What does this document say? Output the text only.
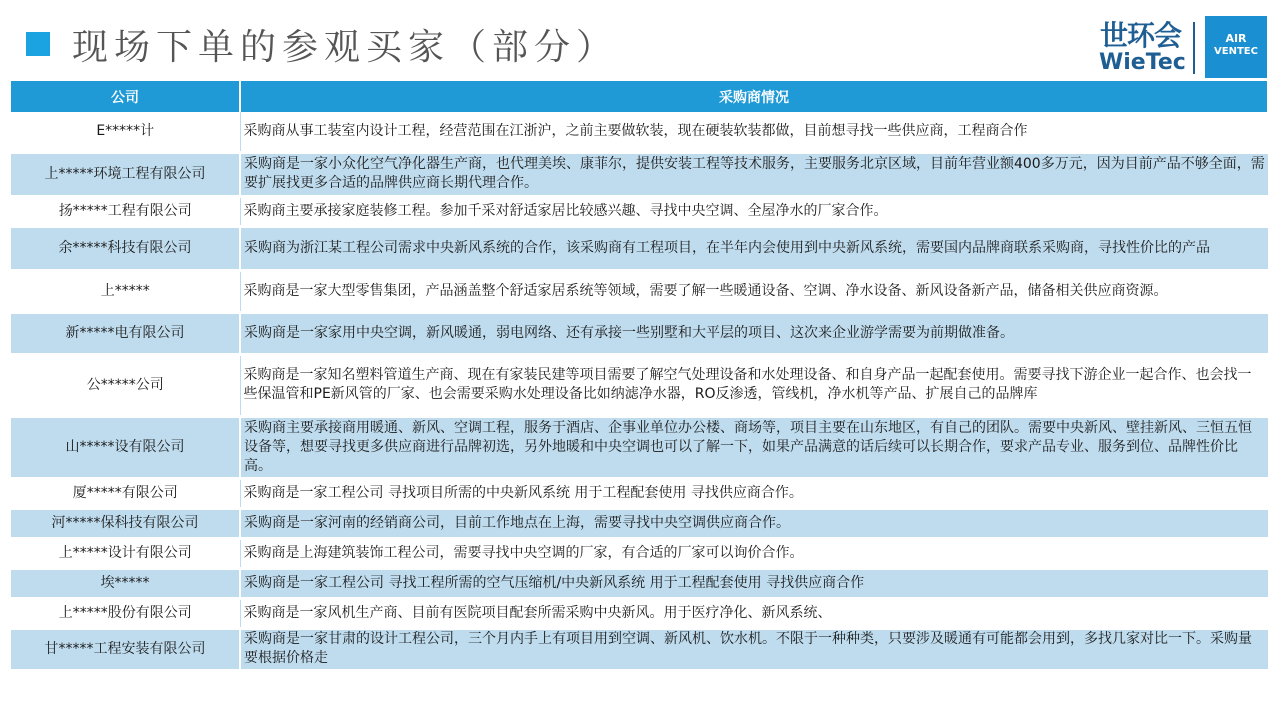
现场下单的参观买家（部分）	世环会
WieTec
AIR
VENTEC
公司	采购商情况
E*****计	采购商从事工装室内设计工程，经营范围在江浙沪，之前主要做软装，现在硬装软装都做，目前想寻找一些供应商，工程商合作
上*****环境工程有限公司	采购商是一家小众化空气净化器生产商，也代理美埃、康菲尔，提供安装工程等技术服务，主要服务北京区域，目前年营业额400多万元，因为目前产品不够全面，需要扩展找更多合适的品牌供应商长期代理合作。
扬*****工程有限公司	采购商主要承接家庭装修工程。参加千采对舒适家居比较感兴趣、寻找中央空调、全屋净水的厂家合作。
余*****科技有限公司	采购商为浙江某工程公司需求中央新风系统的合作，该采购商有工程项目，在半年内会使用到中央新风系统，需要国内品牌商联系采购商，寻找性价比的产品
上*****	采购商是一家大型零售集团，产品涵盖整个舒适家居系统等领域，需要了解一些暖通设备、空调、净水设备、新风设备新产品，储备相关供应商资源。
新*****电有限公司	采购商是一家家用中央空调，新风暖通，弱电网络、还有承接一些别墅和大平层的项目、这次来企业游学需要为前期做准备。
公*****公司	采购商是一家知名塑料管道生产商、现在有家装民建等项目需要了解空气处理设备和水处理设备、和自身产品一起配套使用。需要寻找下游企业一起合作、也会找一些保温管和PE新风管的厂家、也会需要采购水处理设备比如纳滤净水器，RO反渗透，管线机，净水机等产品、扩展自己的品牌库
山*****设有限公司	采购商主要承接商用暖通、新风、空调工程，服务于酒店、企事业单位办公楼、商场等，项目主要在山东地区，有自己的团队。需要中央新风、壁挂新风、三恒五恒设备等，想要寻找更多供应商进行品牌初选，另外地暖和中央空调也可以了解一下，如果产品满意的话后续可以长期合作，要求产品专业、服务到位、品牌性价比高。
厦*****有限公司	采购商是一家工程公司 寻找项目所需的中央新风系统 用于工程配套使用 寻找供应商合作。
河*****保科技有限公司	采购商是一家河南的经销商公司，目前工作地点在上海，需要寻找中央空调供应商合作。
上*****设计有限公司	采购商是上海建筑装饰工程公司，需要寻找中央空调的厂家，有合适的厂家可以询价合作。
埃*****	采购商是一家工程公司 寻找工程所需的空气压缩机/中央新风系统 用于工程配套使用 寻找供应商合作
上*****股份有限公司	采购商是一家风机生产商、目前有医院项目配套所需采购中央新风。用于医疗净化、新风系统、
甘*****工程安装有限公司	采购商是一家甘肃的设计工程公司，三个月内手上有项目用到空调、新风机、饮水机。不限于一种种类，只要涉及暖通有可能都会用到，多找几家对比一下。采购量要根据价格走
